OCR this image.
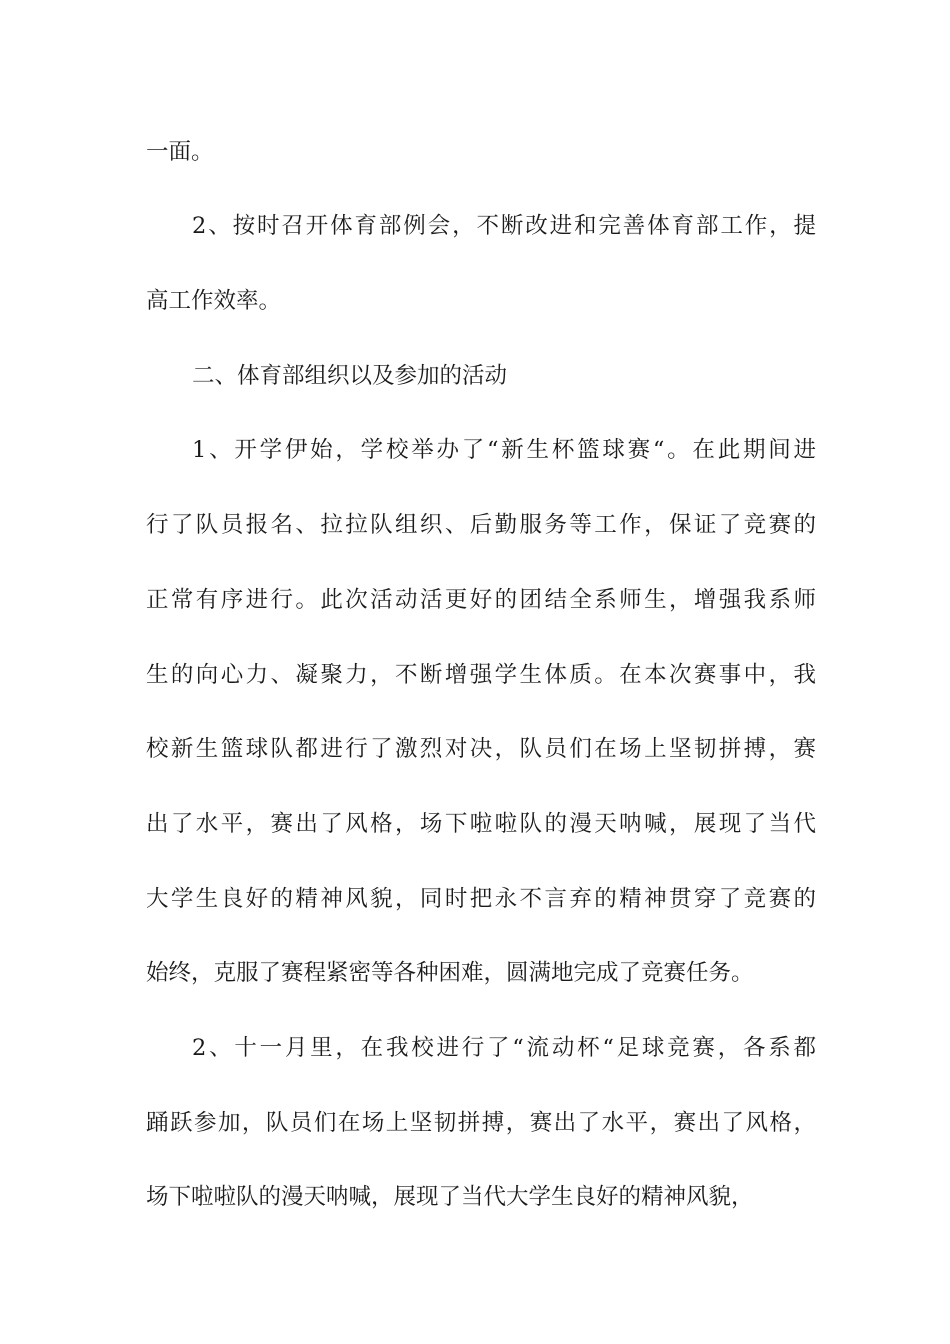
一面。
2、按时召开体育部例会，不断改进和完善体育部工作，提
高工作效率。
二、体育部组织以及参加的活动
1、开学伊始，学校举办了“新生杯篮球赛“。在此期间进
行了队员报名、拉拉队组织、后勤服务等工作，保证了竞赛的
正常有序进行。此次活动活更好的团结全系师生，增强我系师
生的向心力、凝聚力，不断增强学生体质。在本次赛事中，我
校新生篮球队都进行了激烈对决，队员们在场上坚韧拼搏，赛
出了水平，赛出了风格，场下啦啦队的漫天呐喊，展现了当代
大学生良好的精神风貌，同时把永不言弃的精神贯穿了竞赛的
始终，克服了赛程紧密等各种困难，圆满地完成了竞赛任务。
2、十一月里，在我校进行了“流动杯“足球竞赛，各系都
踊跃参加，队员们在场上坚韧拼搏，赛出了水平，赛出了风格，
场下啦啦队的漫天呐喊，展现了当代大学生良好的精神风貌，
